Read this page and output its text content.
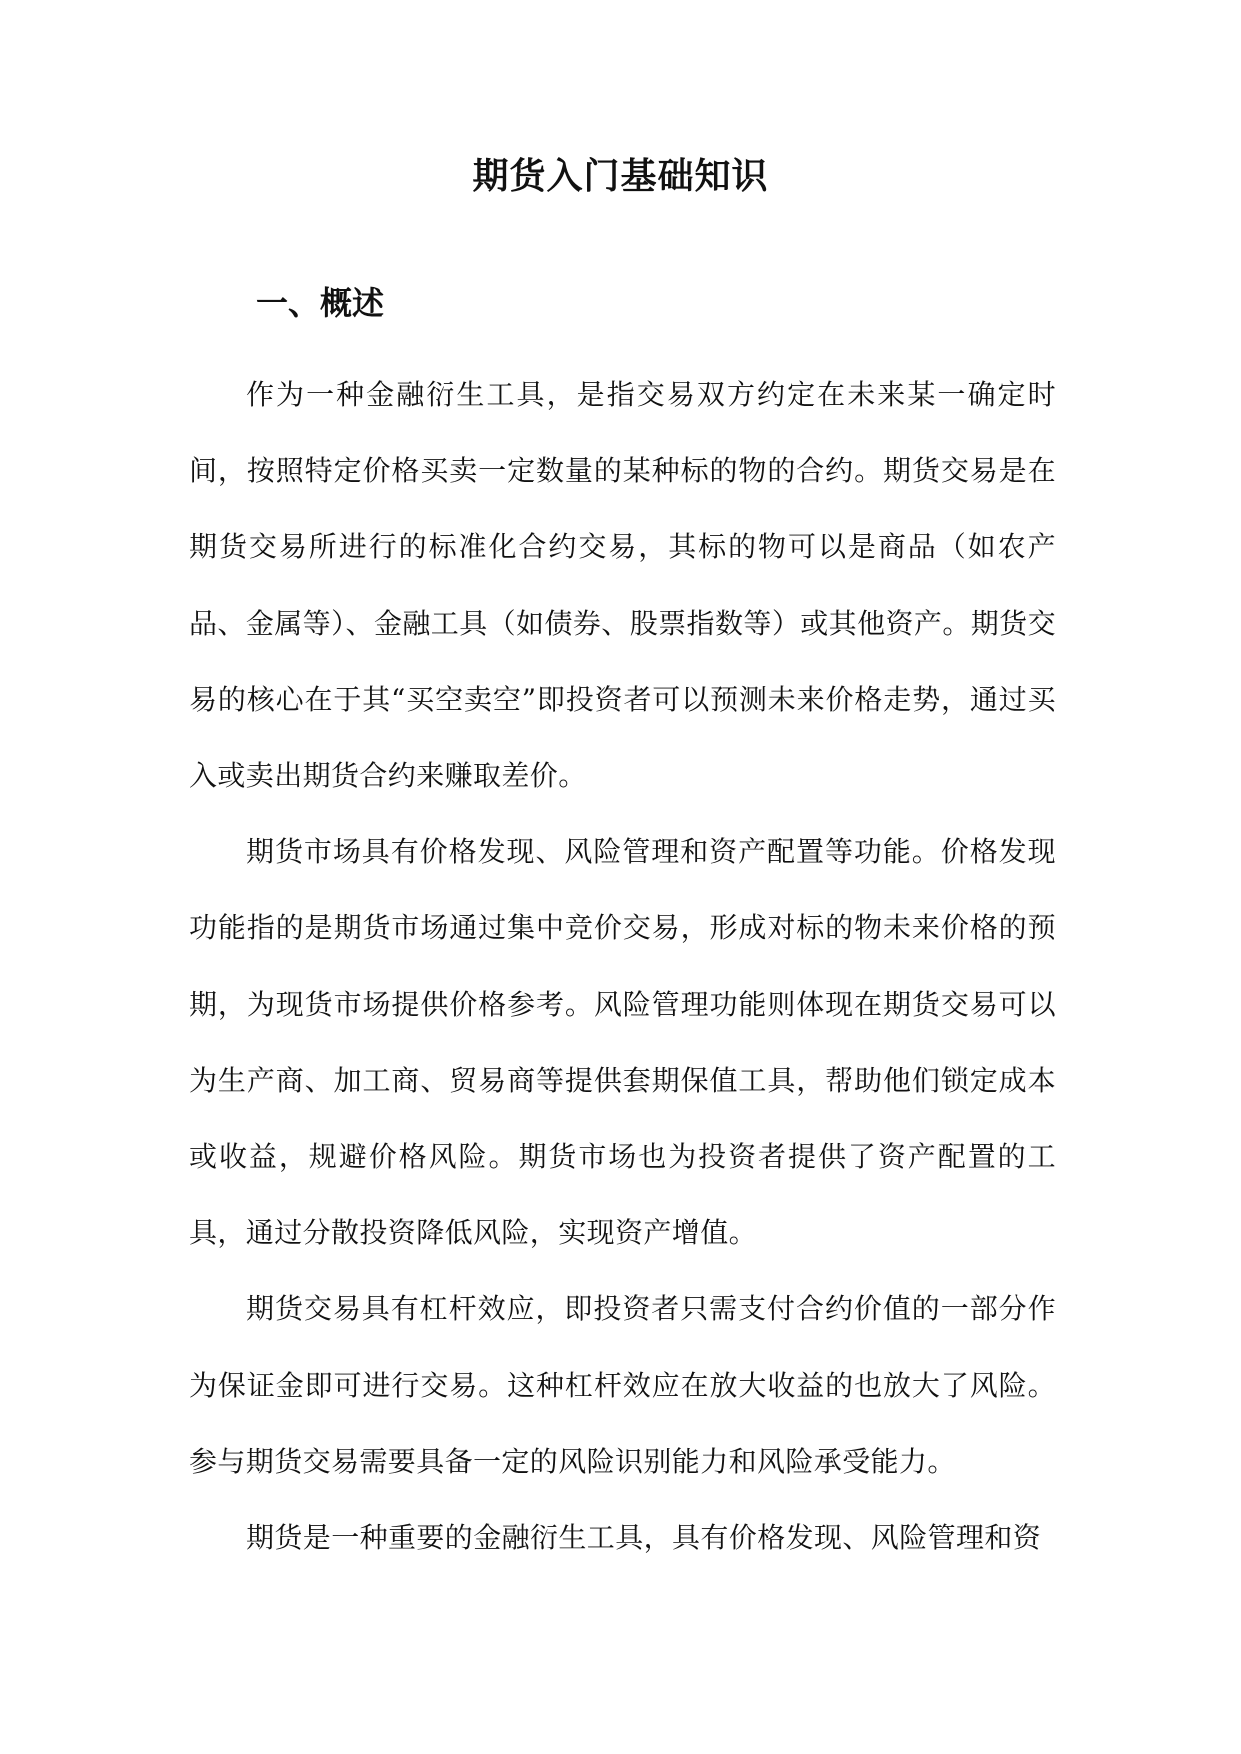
期货入门基础知识
一、概述

作为一种金融衍生工具，是指交易双方约定在未来某一确定时间，按照特定价格买卖一定数量的某种标的物的合约。期货交易是在期货交易所进行的标准化合约交易，其标的物可以是商品（如农产品、金属等）、金融工具（如债券、股票指数等）或其他资产。期货交易的核心在于其“买空卖空”即投资者可以预测未来价格走势，通过买入或卖出期货合约来赚取差价。

期货市场具有价格发现、风险管理和资产配置等功能。价格发现功能指的是期货市场通过集中竞价交易，形成对标的物未来价格的预期，为现货市场提供价格参考。风险管理功能则体现在期货交易可以为生产商、加工商、贸易商等提供套期保值工具，帮助他们锁定成本或收益，规避价格风险。期货市场也为投资者提供了资产配置的工具，通过分散投资降低风险，实现资产增值。

期货交易具有杠杆效应，即投资者只需支付合约价值的一部分作为保证金即可进行交易。这种杠杆效应在放大收益的也放大了风险。参与期货交易需要具备一定的风险识别能力和风险承受能力。

期货是一种重要的金融衍生工具，具有价格发现、风险管理和资
